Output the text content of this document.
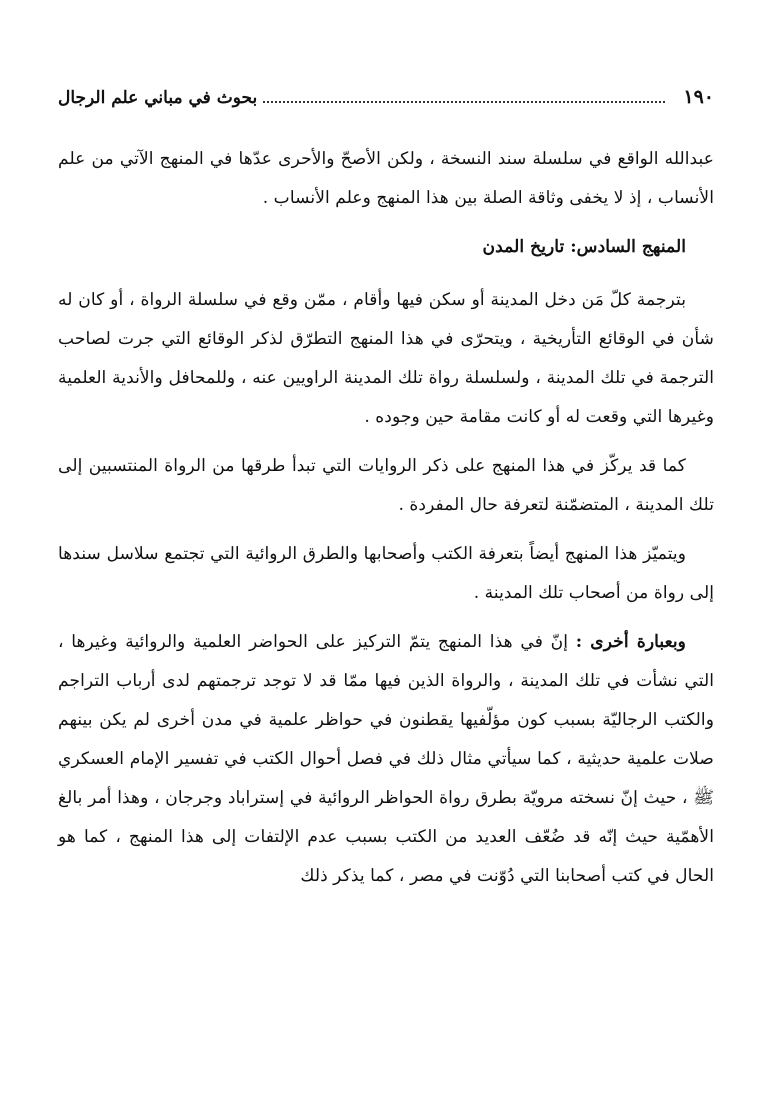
١٩٠
بحوث في مباني علم الرجال

عبدالله الواقع في سلسلة سند النسخة ، ولكن الأصحّ والأحرى عدّها في المنهج الآتي من علم الأنساب ، إذ لا يخفى وثاقة الصلة بين هذا المنهج وعلم الأنساب .

المنهج السادس: تاريخ المدن

بترجمة كلّ مَن دخل المدينة أو سكن فيها وأقام ، ممّن وقع في سلسلة الرواة ، أو كان له شأن في الوقائع التأريخية ، ويتحرّى في هذا المنهج التطرّق لذكر الوقائع التي جرت لصاحب الترجمة في تلك المدينة ، ولسلسلة رواة تلك المدينة الراويين عنه ، وللمحافل والأندية العلمية وغيرها التي وقعت له أو كانت مقامة حين وجوده .

كما قد يركّز في هذا المنهج على ذكر الروايات التي تبدأ طرقها من الرواة المنتسبين إلى تلك المدينة ، المتضمّنة لتعرفة حال المفردة .

ويتميّز هذا المنهج أيضاً بتعرفة الكتب وأصحابها والطرق الروائية التي تجتمع سلاسل سندها إلى رواة من أصحاب تلك المدينة .

وبعبارة أخرى : إنّ في هذا المنهج يتمّ التركيز على الحواضر العلمية والروائية وغيرها ، التي نشأت في تلك المدينة ، والرواة الذين فيها ممّا قد لا توجد ترجمتهم لدى أرباب التراجم والكتب الرجاليّة بسبب كون مؤلّفيها يقطنون في حواظر علمية في مدن أخرى لم يكن بينهم صلات علمية حديثية ، كما سيأتي مثال ذلك في فصل أحوال الكتب في تفسير الإمام العسكري ﷺ ، حيث إنّ نسخته مرويّة بطرق رواة الحواظر الروائية في إستراباد وجرجان ، وهذا أمر بالغ الأهمّية حيث إنّه قد ضُعّف العديد من الكتب بسبب عدم الإلتفات إلى هذا المنهج ، كما هو الحال في كتب أصحابنا التي دُوّنت في مصر ، كما يذكر ذلك
